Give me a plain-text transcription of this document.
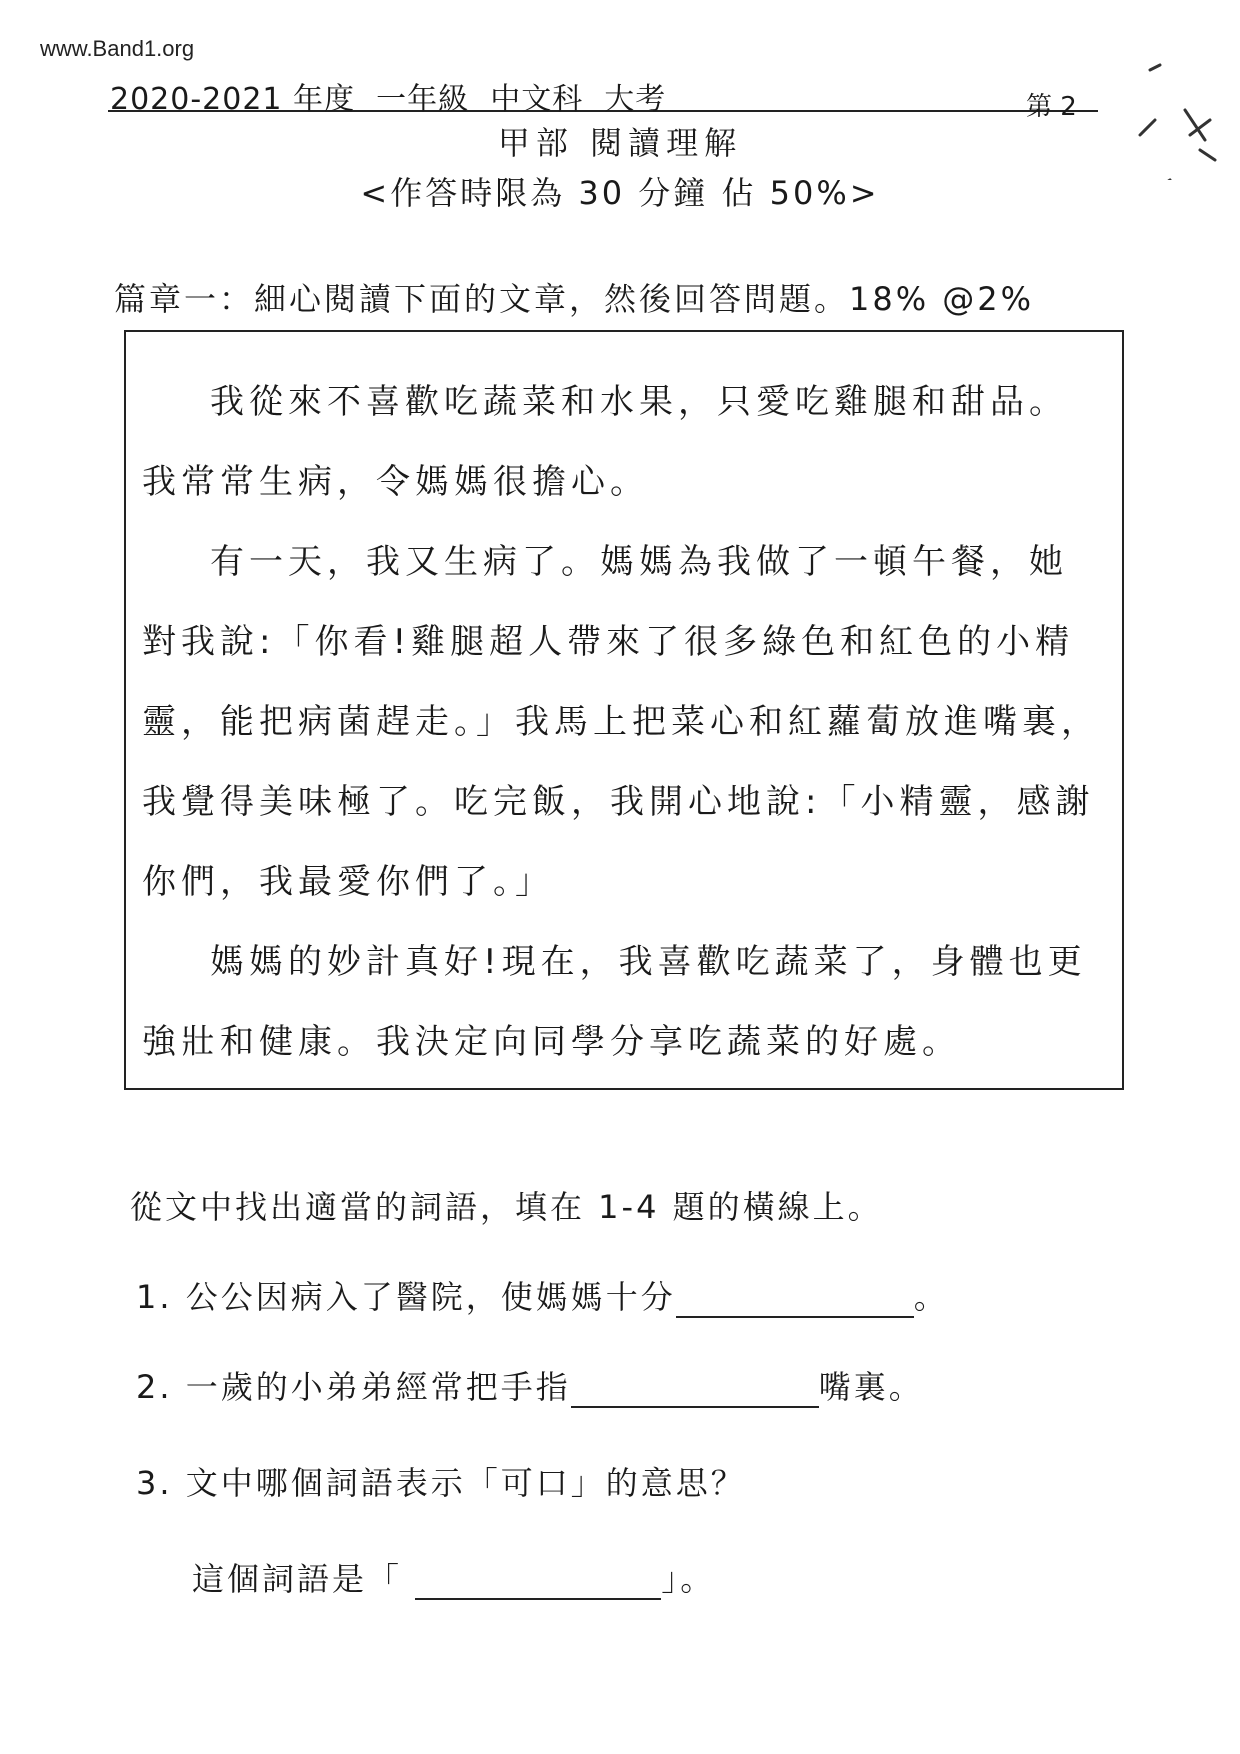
www.Band1.org
2020-2021 年度  一年級  中文科  大考	第 2
甲部 閱讀理解
<作答時限為 30 分鐘 佔 50%>
篇章一：細心閱讀下面的文章，然後回答問題。18% @2%

我從來不喜歡吃蔬菜和水果，只愛吃雞腿和甜品。我常常生病，令媽媽很擔心。

有一天，我又生病了。媽媽為我做了一頓午餐，她對我說:「你看!雞腿超人帶來了很多綠色和紅色的小精靈，能把病菌趕走。」我馬上把菜心和紅蘿蔔放進嘴裏，我覺得美味極了。吃完飯，我開心地說:「小精靈，感謝你們，我最愛你們了。」

媽媽的妙計真好!現在，我喜歡吃蔬菜了，身體也更強壯和健康。我決定向同學分享吃蔬菜的好處。

從文中找出適當的詞語，填在 1-4 題的橫線上。
1. 公公因病入了醫院，使媽媽十分	。
2. 一歲的小弟弟經常把手指	嘴裏。
3. 文中哪個詞語表示「可口」的意思？
這個詞語是「	」。
